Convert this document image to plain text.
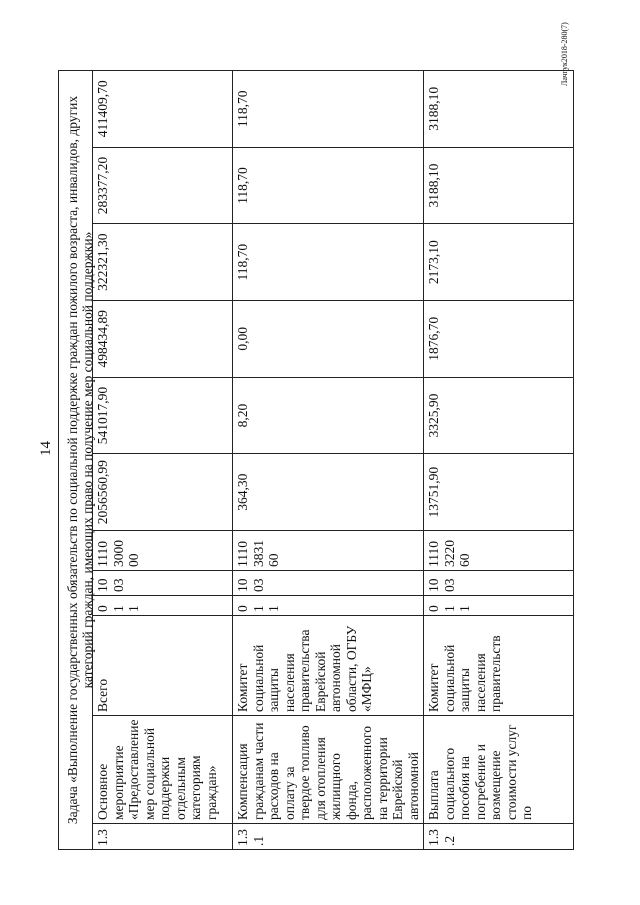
14
Лачгук2018-280(7)
Задача «Выполнение государственных обязательств по социальной поддержке граждан пожилого возраста, инвалидов, других категорий граждан, имеющих право на получение мер социальной поддержки»
1.3	Основное мероприятие «Предоставление мер социальной поддержки отдельным категориям граждан»	Всего	01 1	1003	1110 3000 00	2056560,99	541017,90	498434,89	322321,30	283377,20	411409,70
1.3.1	Компенсация гражданам части расходов на оплату за твердое топливо для отопления жилищного фонда, расположенного на территории Еврейской автономной	Комитет социальной защиты населения правительства Еврейской автономной области, ОГБУ «МФЦ»	01 1	1003	1110 3831 60	364,30	8,20	0,00	118,70	118,70	118,70
1.3.2	Выплата социального пособия на погребение и возмещение стоимости услуг по	Комитет социальной защиты населения правительств	01 1	1003	1110 3220 60	13751,90	3325,90	1876,70	2173,10	3188,10	3188,10
